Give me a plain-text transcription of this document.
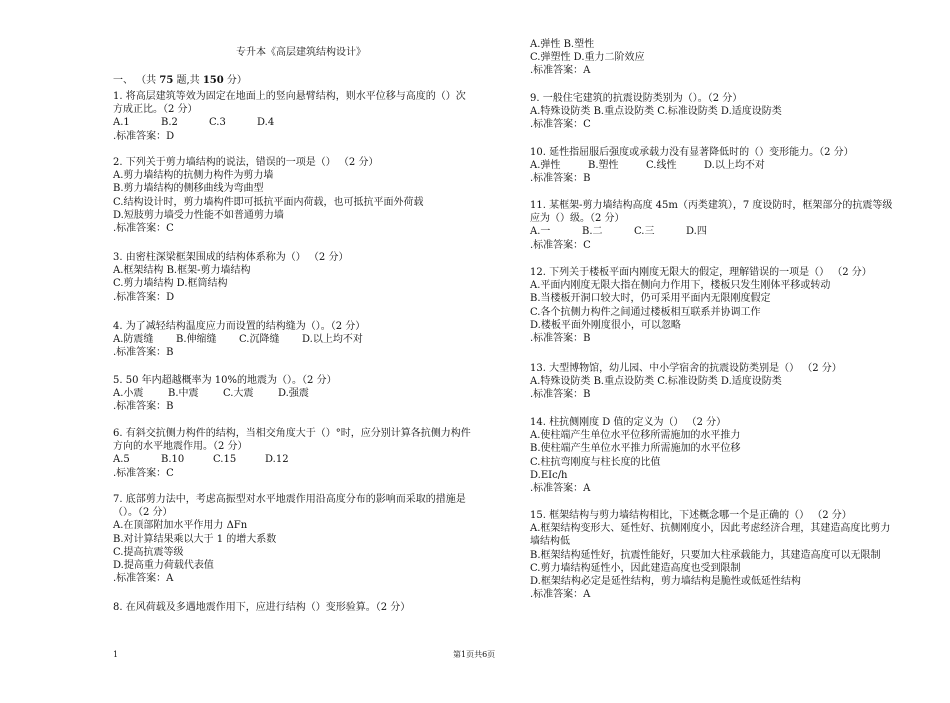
专升本《高层建筑结构设计》
一、 （共 75 题,共 150 分）
1. 将高层建筑等效为固定在地面上的竖向悬臂结构，则水平位移与高度的（）次
方成正比。（2 分）
A.1	B.2	C.3	D.4
.标准答案：D
2. 下列关于剪力墙结构的说法，错误的一项是（） （2 分）
A.剪力墙结构的抗侧力构件为剪力墙
B.剪力墙结构的侧移曲线为弯曲型
C.结构设计时，剪力墙构件即可抵抗平面内荷载，也可抵抗平面外荷载
D.短肢剪力墙受力性能不如普通剪力墙
.标准答案：C
3. 由密柱深梁框架围成的结构体系称为（） （2 分）
A.框架结构 B.框架-剪力墙结构
C.剪力墙结构 D.框筒结构
.标准答案：D
4. 为了减轻结构温度应力而设置的结构缝为（）。（2 分）
A.防震缝	B.伸缩缝	C.沉降缝	D.以上均不对
.标准答案：B
5. 50 年内超越概率为 10%的地震为（）。（2 分）
A.小震	B.中震	C.大震	D.强震
.标准答案：B
6. 有斜交抗侧力构件的结构，当相交角度大于（）°时，应分别计算各抗侧力构件
方向的水平地震作用。（2 分）
A.5	B.10	C.15	D.12
.标准答案：C
7. 底部剪力法中，考虑高振型对水平地震作用沿高度分布的影响而采取的措施是
（）。（2 分）
A.在顶部附加水平作用力 ΔFn
B.对计算结果乘以大于 1 的增大系数
C.提高抗震等级
D.提高重力荷载代表值
.标准答案：A
8. 在风荷载及多遇地震作用下，应进行结构（）变形验算。（2 分）
A.弹性 B.塑性
C.弹塑性 D.重力二阶效应
.标准答案：A
9. 一般住宅建筑的抗震设防类别为（）。（2 分）
A.特殊设防类 B.重点设防类 C.标准设防类 D.适度设防类
.标准答案：C
10. 延性指屈服后强度或承载力没有显著降低时的（）变形能力。（2 分）
A.弹性	B.塑性	C.线性	D.以上均不对
.标准答案：B
11. 某框架-剪力墙结构高度 45m（丙类建筑），7 度设防时，框架部分的抗震等级
应为（）级。（2 分）
A.一	B.二	C.三	D.四
.标准答案：C
12. 下列关于楼板平面内刚度无限大的假定，理解错误的一项是（） （2 分）
A.平面内刚度无限大指在侧向力作用下，楼板只发生刚体平移或转动
B.当楼板开洞口较大时，仍可采用平面内无限刚度假定
C.各个抗侧力构件之间通过楼板相互联系并协调工作
D.楼板平面外刚度很小，可以忽略
.标准答案：B
13. 大型博物馆，幼儿园、中小学宿舍的抗震设防类别是（） （2 分）
A.特殊设防类 B.重点设防类 C.标准设防类 D.适度设防类
.标准答案：B
14. 柱抗侧刚度 D 值的定义为（） （2 分）
A.使柱端产生单位水平位移所需施加的水平推力
B.使柱端产生单位水平推力所需施加的水平位移
C.柱抗弯刚度与柱长度的比值
D.EIc/h
.标准答案：A
15. 框架结构与剪力墙结构相比，下述概念哪一个是正确的（） （2 分）
A.框架结构变形大、延性好、抗侧刚度小，因此考虑经济合理，其建造高度比剪力
墙结构低
B.框架结构延性好，抗震性能好，只要加大柱承载能力，其建造高度可以无限制
C.剪力墙结构延性小，因此建造高度也受到限制
D.框架结构必定是延性结构，剪力墙结构是脆性或低延性结构
.标准答案：A
1	第1页共6页
